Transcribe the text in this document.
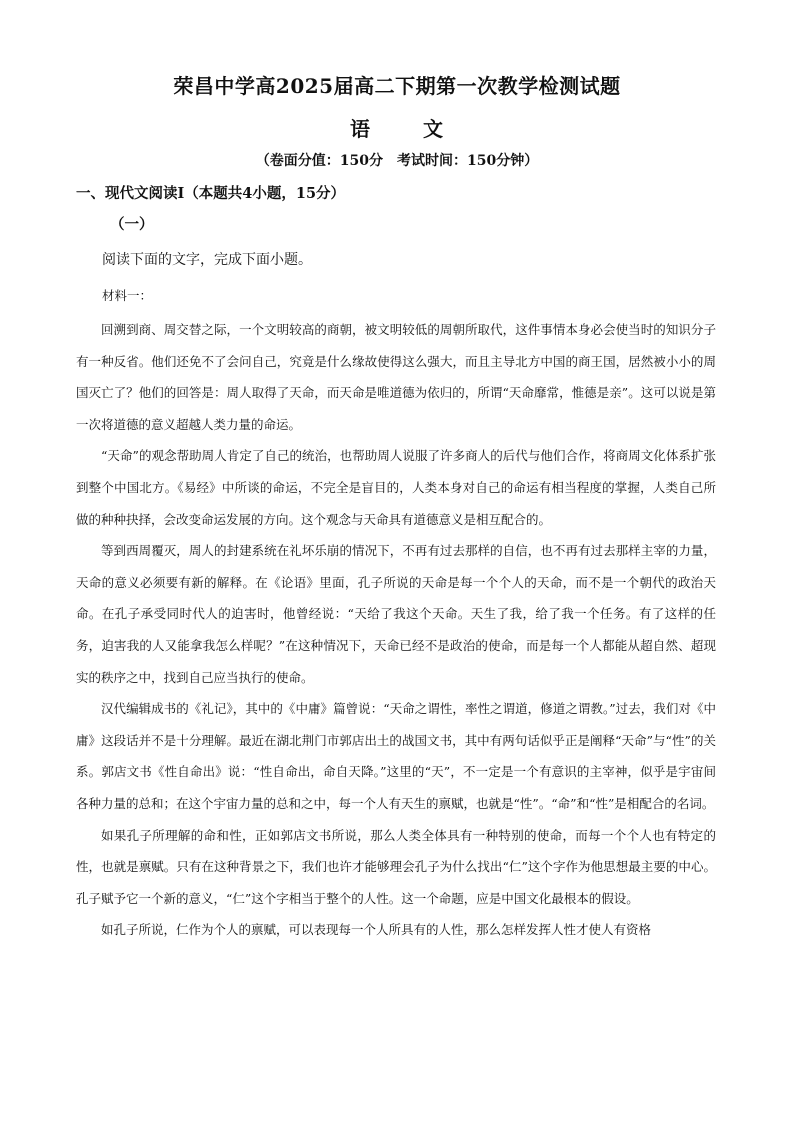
荣昌中学高2025届高二下期第一次教学检测试题
语	文
（卷面分值：150分　考试时间：150分钟）
一、现代文阅读Ⅰ（本题共4小题，15分）
（一）
阅读下面的文字，完成下面小题。
材料一：

回溯到商、周交替之际，一个文明较高的商朝，被文明较低的周朝所取代，这件事情本身必会使当时的知识分子有一种反省。他们还免不了会问自己，究竟是什么缘故使得这么强大，而且主导北方中国的商王国，居然被小小的周国灭亡了？他们的回答是：周人取得了天命，而天命是唯道德为依归的，所谓“天命靡常，惟德是亲”。这可以说是第一次将道德的意义超越人类力量的命运。

“天命”的观念帮助周人肯定了自己的统治，也帮助周人说服了许多商人的后代与他们合作，将商周文化体系扩张到整个中国北方。《易经》中所谈的命运，不完全是盲目的，人类本身对自己的命运有相当程度的掌握，人类自己所做的种种抉择，会改变命运发展的方向。这个观念与天命具有道德意义是相互配合的。

等到西周覆灭，周人的封建系统在礼坏乐崩的情况下，不再有过去那样的自信，也不再有过去那样主宰的力量，天命的意义必须要有新的解释。在《论语》里面，孔子所说的天命是每一个个人的天命，而不是一个朝代的政治天命。在孔子承受同时代人的迫害时，他曾经说：“天给了我这个天命。天生了我，给了我一个任务。有了这样的任务，迫害我的人又能拿我怎么样呢？”在这种情况下，天命已经不是政治的使命，而是每一个人都能从超自然、超现实的秩序之中，找到自己应当执行的使命。

汉代编辑成书的《礼记》，其中的《中庸》篇曾说：“天命之谓性，率性之谓道，修道之谓教。”过去，我们对《中庸》这段话并不是十分理解。最近在湖北荆门市郭店出土的战国文书，其中有两句话似乎正是阐释“天命”与“性”的关系。郭店文书《性自命出》说：“性自命出，命自天降。”这里的“天”，不一定是一个有意识的主宰神，似乎是宇宙间各种力量的总和；在这个宇宙力量的总和之中，每一个人有天生的禀赋，也就是“性”。“命”和“性”是相配合的名词。

如果孔子所理解的命和性，正如郭店文书所说，那么人类全体具有一种特别的使命，而每一个个人也有特定的性，也就是禀赋。只有在这种背景之下，我们也许才能够理会孔子为什么找出“仁”这个字作为他思想最主要的中心。孔子赋予它一个新的意义，“仁”这个字相当于整个的人性。这一个命题，应是中国文化最根本的假设。

如孔子所说，仁作为个人的禀赋，可以表现每一个人所具有的人性，那么怎样发挥人性才使人有资格
